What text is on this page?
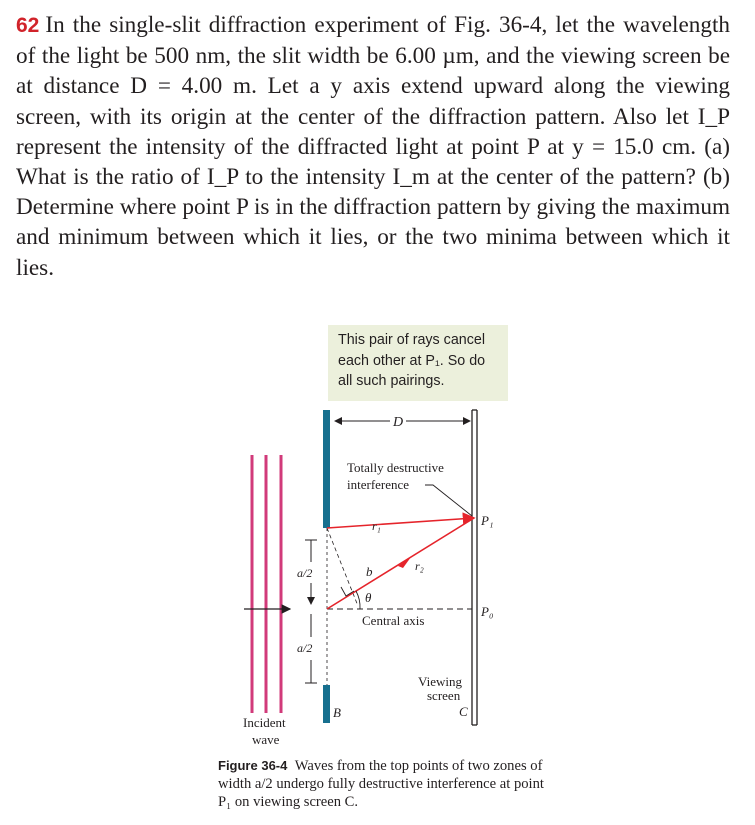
62 In the single-slit diffraction experiment of Fig. 36-4, let the wavelength of the light be 500 nm, the slit width be 6.00 µm, and the viewing screen be at distance D = 4.00 m. Let a y axis extend upward along the viewing screen, with its origin at the center of the diffraction pattern. Also let I_P represent the intensity of the diffracted light at point P at y = 15.0 cm. (a) What is the ratio of I_P to the intensity I_m at the center of the pattern? (b) Determine where point P is in the diffraction pattern by giving the maximum and minimum between which it lies, or the two minima between which it lies.
D
Central axis
r₁
r₂
b
θ
Totally destructive
interference
P₁
P₀
a/2
a/2
Viewing
screen
C
B
Incident
wave
This pair of rays cancel each other at P₁. So do all such pairings.
Figure 36-4 Waves from the top points of two zones of width a/2 undergo fully destructive interference at point P₁ on viewing screen C.
